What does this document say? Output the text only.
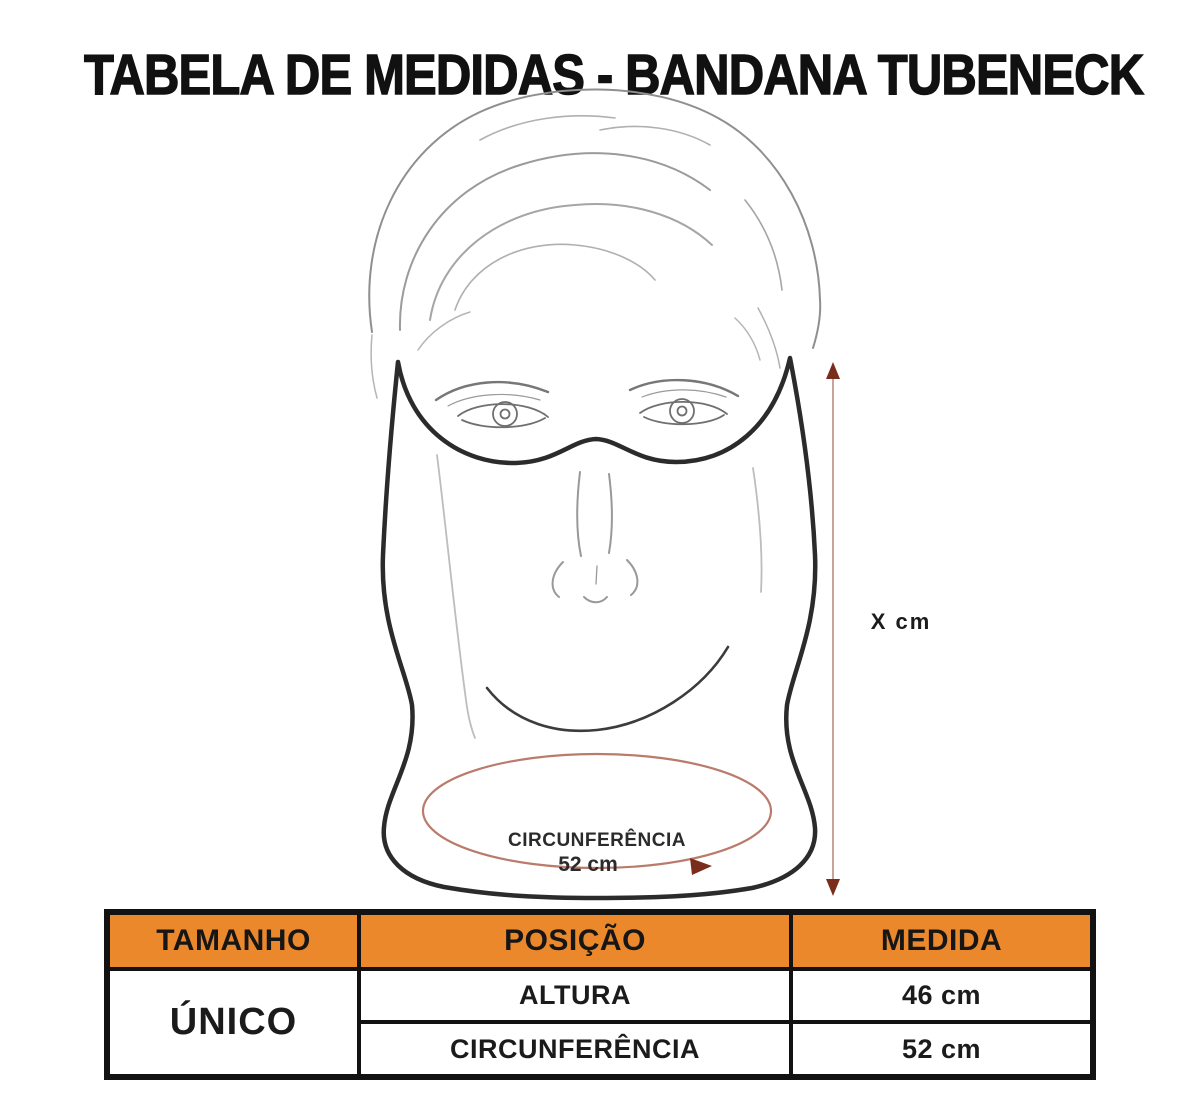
TABELA DE MEDIDAS - BANDANA TUBENECK
CIRCUNFERÊNCIA
52 cm
X cm
TAMANHO	POSIÇÃO	MEDIDA
ÚNICO
ALTURA	46 cm
CIRCUNFERÊNCIA	52 cm
